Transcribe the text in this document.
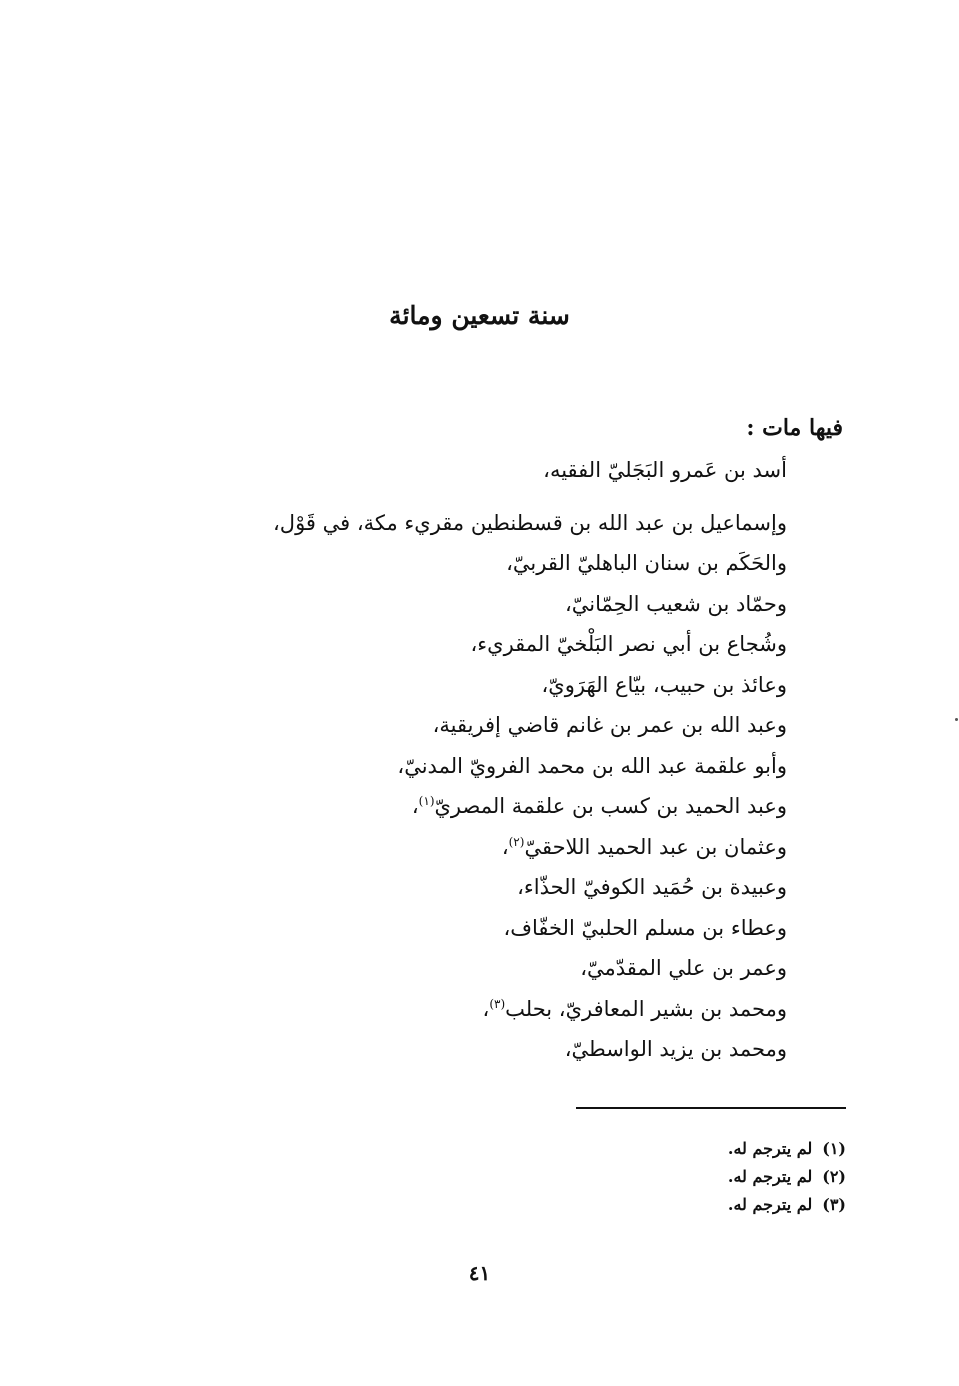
سنة تسعين ومائة
فيها مات :
أسد بن عَمرو البَجَليّ الفقيه،
وإسماعيل بن عبد الله بن قسطنطين مقريء مكة، في قَوْل،
والحَكَم بن سنان الباهليّ القربيّ،
وحمّاد بن شعيب الحِمّانيّ،
وشُجاع بن أبي نصر البَلْخيّ المقريء،
وعائذ بن حبيب، بيّاع الهَرَويّ،
وعبد الله بن عمر بن غانم قاضي إفريقية،
وأبو علقمة عبد الله بن محمد الفرويّ المدنيّ،
وعبد الحميد بن كسب بن علقمة المصريّ$^{(١)}$،
وعثمان بن عبد الحميد اللاحقيّ$^{(٢)}$،
وعبيدة بن حُمَيد الكوفيّ الحذّاء،
وعطاء بن مسلم الحلبيّ الخفّاف،
وعمر بن علي المقدّميّ،
ومحمد بن بشير المعافريّ، بحلب$^{(٣)}$،
ومحمد بن يزيد الواسطيّ،
(١)لم يترجم له.
(٢)لم يترجم له.
(٣)لم يترجم له.
٤١
